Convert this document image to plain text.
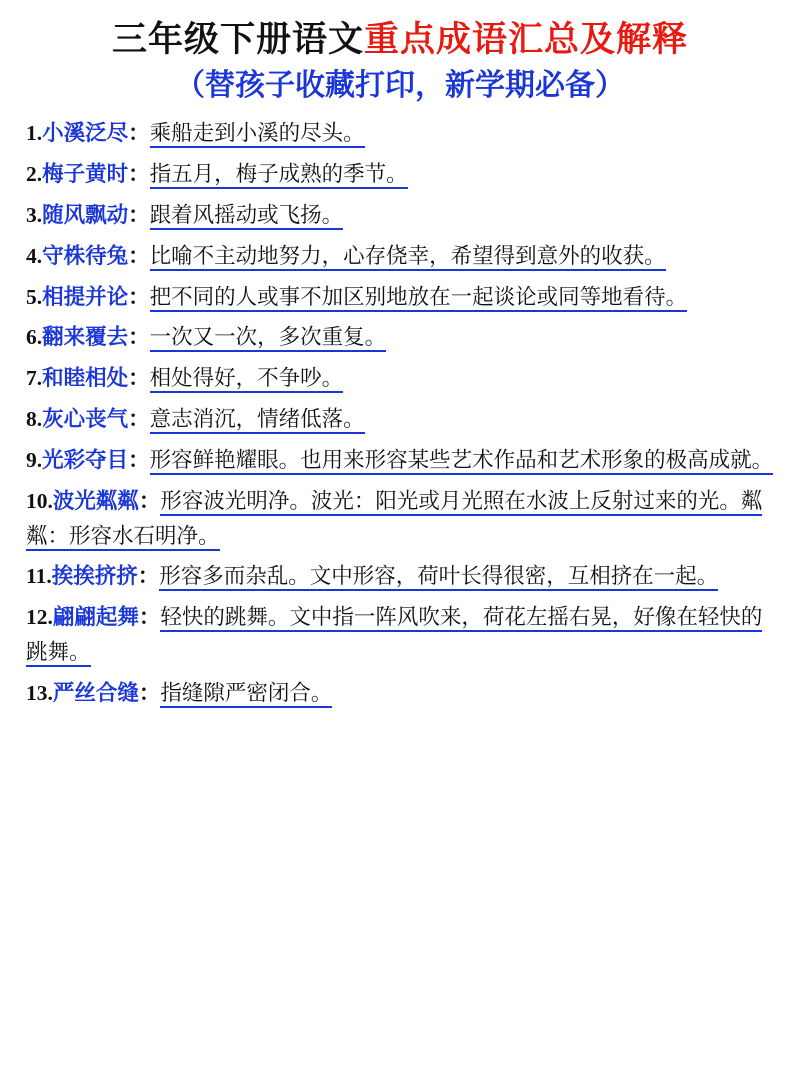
三年级下册语文重点成语汇总及解释
（替孩子收藏打印，新学期必备）

1.小溪泛尽：乘船走到小溪的尽头。

2.梅子黄时：指五月，梅子成熟的季节。

3.随风飘动：跟着风摇动或飞扬。

4.守株待兔：比喻不主动地努力，心存侥幸，希望得到意外的收获。

5.相提并论：把不同的人或事不加区别地放在一起谈论或同等地看待。

6.翻来覆去：一次又一次，多次重复。

7.和睦相处：相处得好，不争吵。

8.灰心丧气：意志消沉，情绪低落。

9.光彩夺目：形容鲜艳耀眼。也用来形容某些艺术作品和艺术形象的极高成就。

10.波光粼粼：形容波光明净。波光：阳光或月光照在水波上反射过来的光。粼粼：形容水石明净。

11.挨挨挤挤：形容多而杂乱。文中形容，荷叶长得很密，互相挤在一起。

12.翩翩起舞：轻快的跳舞。文中指一阵风吹来，荷花左摇右晃，好像在轻快的跳舞。

13.严丝合缝：指缝隙严密闭合。
